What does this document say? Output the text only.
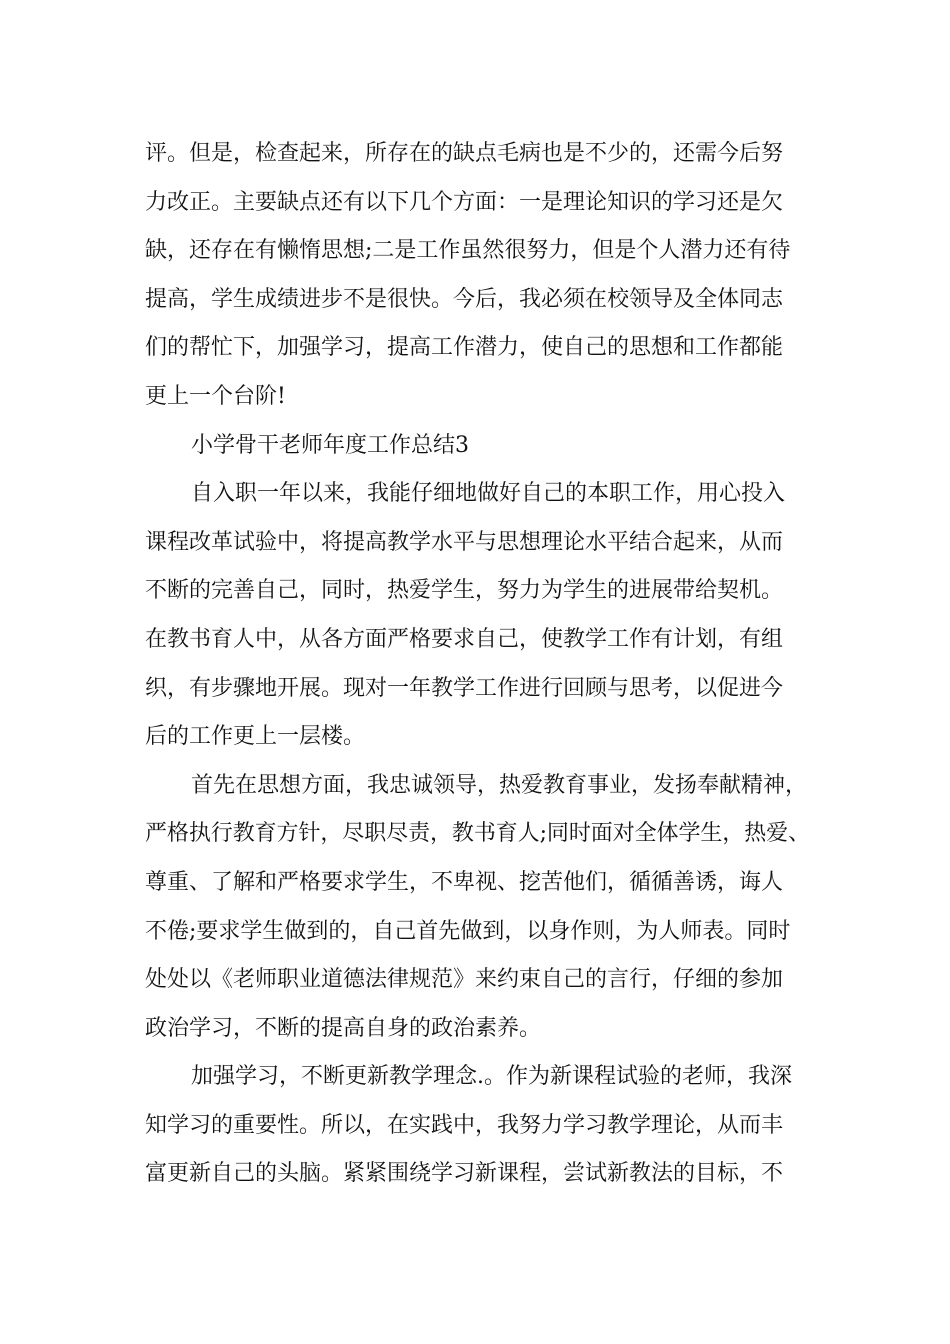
评。但是，检查起来，所存在的缺点毛病也是不少的，还需今后努
力改正。主要缺点还有以下几个方面：一是理论知识的学习还是欠
缺，还存在有懒惰思想;二是工作虽然很努力，但是个人潜力还有待
提高，学生成绩进步不是很快。今后，我必须在校领导及全体同志
们的帮忙下，加强学习，提高工作潜力，使自己的思想和工作都能
更上一个台阶!
小学骨干老师年度工作总结3
自入职一年以来，我能仔细地做好自己的本职工作，用心投入
课程改革试验中，将提高教学水平与思想理论水平结合起来，从而
不断的完善自己，同时，热爱学生，努力为学生的进展带给契机。
在教书育人中，从各方面严格要求自己，使教学工作有计划，有组
织，有步骤地开展。现对一年教学工作进行回顾与思考，以促进今
后的工作更上一层楼。
首先在思想方面，我忠诚领导，热爱教育事业，发扬奉献精神，
严格执行教育方针，尽职尽责，教书育人;同时面对全体学生，热爱、
尊重、了解和严格要求学生，不卑视、挖苦他们，循循善诱，诲人
不倦;要求学生做到的，自己首先做到，以身作则，为人师表。同时
处处以《老师职业道德法律规范》来约束自己的言行，仔细的参加
政治学习，不断的提高自身的政治素养。
加强学习，不断更新教学理念.。作为新课程试验的老师，我深
知学习的重要性。所以，在实践中，我努力学习教学理论，从而丰
富更新自己的头脑。紧紧围绕学习新课程，尝试新教法的目标，不
